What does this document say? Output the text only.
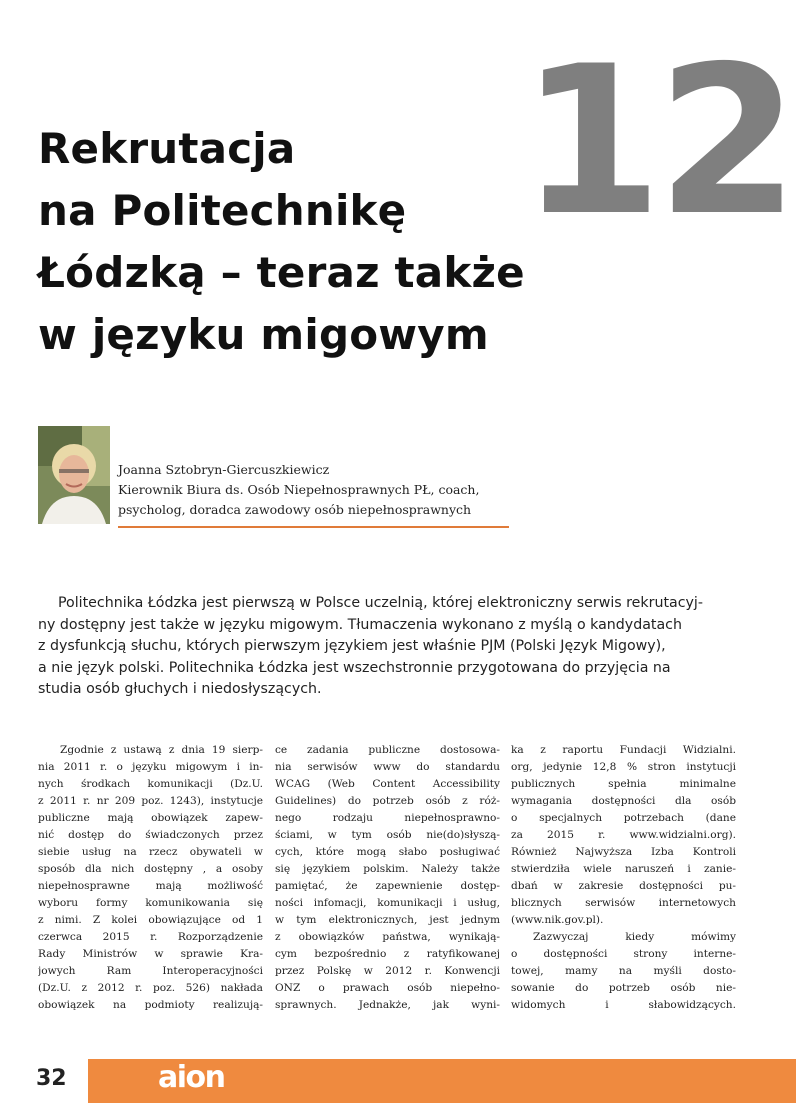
12
Rekrutacja
na Politechnikę
Łódzką – teraz także
w języku migowym
Joanna Sztobryn-Giercuszkiewicz
Kierownik Biura ds. Osób Niepełnosprawnych PŁ, coach,
psycholog, doradca zawodowy osób niepełnosprawnych
Politechnika Łódzka jest pierwszą w Polsce uczelnią, której elektroniczny serwis rekrutacyj-
ny dostępny jest także w języku migowym. Tłumaczenia wykonano z myślą o kandydatach
z dysfunkcją słuchu, których pierwszym językiem jest właśnie PJM (Polski Język Migowy),
a nie język polski. Politechnika Łódzka jest wszechstronnie przygotowana do przyjęcia na
studia osób głuchych i niedosłyszących.
Zgodnie z ustawą z dnia 19 sierp-
nia 2011 r. o języku migowym i in-
nych środkach komunikacji (Dz.U.
z 2011 r. nr 209 poz. 1243), instytucje
publiczne mają obowiązek zapew-
nić dostęp do świadczonych przez
siebie usług na rzecz obywateli w
sposób dla nich dostępny , a osoby
niepełnosprawne mają możliwość
wyboru formy komunikowania się
z nimi. Z kolei obowiązujące od 1
czerwca 2015 r. Rozporządzenie
Rady Ministrów w sprawie Kra-
jowych Ram Interoperacyjności
(Dz.U. z 2012 r. poz. 526) nakłada
obowiązek na podmioty realizują-
ce zadania publiczne dostosowa-
nia serwisów www do standardu
WCAG (Web Content Accessibility
Guidelines) do potrzeb osób z róż-
nego rodzaju niepełnosprawno-
ściami, w tym osób nie(do)słyszą-
cych, które mogą słabo posługiwać
się językiem polskim. Należy także
pamiętać, że zapewnienie dostęp-
ności infomacji, komunikacji i usług,
w tym elektronicznych, jest jednym
z obowiązków państwa, wynikają-
cym bezpośrednio z ratyfikowanej
przez Polskę w 2012 r. Konwencji
ONZ o prawach osób niepełno-
sprawnych. Jednakże, jak wyni-
ka z raportu Fundacji Widzialni.
org, jedynie 12,8 % stron instytucji
publicznych spełnia minimalne
wymagania dostępności dla osób
o specjalnych potrzebach (dane
za 2015 r. www.widzialni.org).
Również Najwyższa Izba Kontroli
stwierdziła wiele naruszeń i zanie-
dbań w zakresie dostępności pu-
blicznych serwisów internetowych
(www.nik.gov.pl).
Zazwyczaj kiedy mówimy
o dostępności strony interne-
towej, mamy na myśli dosto-
sowanie do potrzeb osób nie-
widomych i słabowidzących.
32	aion
